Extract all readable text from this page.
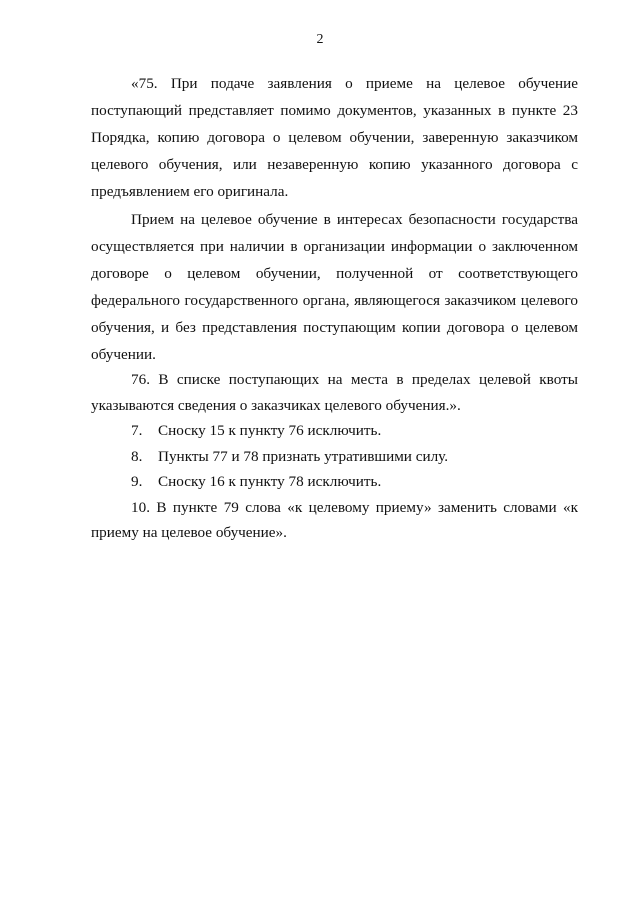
2
«75. При подаче заявления о приеме на целевое обучение
поступающий представляет помимо документов, указанных в пункте 23
Порядка, копию договора о целевом обучении, заверенную заказчиком
целевого обучения, или незаверенную копию указанного договора с
предъявлением его оригинала.
Прием на целевое обучение в интересах безопасности государства
осуществляется при наличии в организации информации о заключенном
договоре о целевом обучении, полученной от соответствующего
федерального государственного органа, являющегося заказчиком целевого
обучения, и без представления поступающим копии договора о целевом
обучении.
76. В списке поступающих на места в пределах целевой квоты
указываются сведения о заказчиках целевого обучения.».
7. Сноску 15 к пункту 76 исключить.
8. Пункты 77 и 78 признать утратившими силу.
9. Сноску 16 к пункту 78 исключить.
10. В пункте 79 слова «к целевому приему» заменить словами «к
приему на целевое обучение».
